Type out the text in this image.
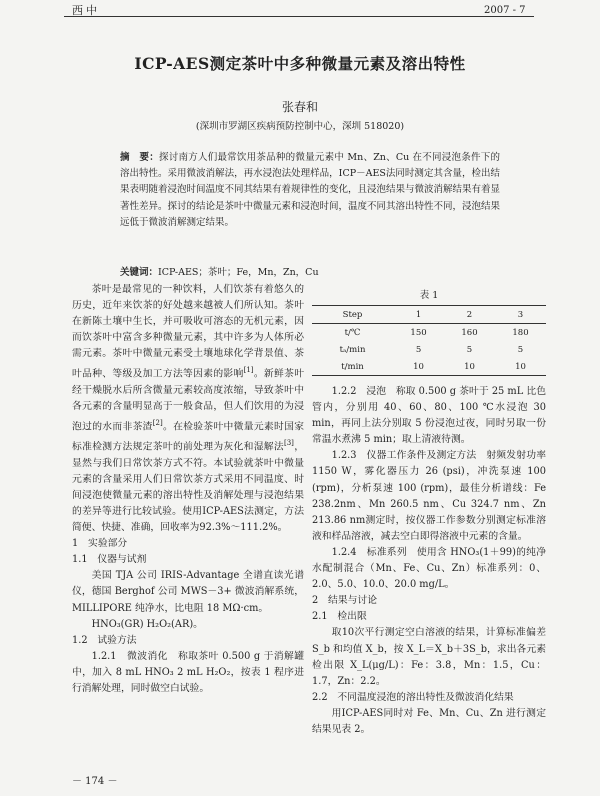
西中	2007 - 7
ICP-AES测定茶叶中多种微量元素及溶出特性
张春和
(深圳市罗湖区疾病预防控制中心，深圳 518020)
摘　要：探讨南方人们最常饮用茶品种的微量元素中 Mn、Zn、Cu 在不同浸泡条件下的溶出特性。采用微波消解法，再水浸泡法处理样品，ICP－AES法同时测定其含量，检出结果表明随着浸泡时间温度不同其结果有着规律性的变化，且浸泡结果与微波消解结果有着显著性差异。探讨的结论是茶叶中微量元素和浸泡时间，温度不同其溶出特性不同，浸泡结果远低于微波消解测定结果。
关键词：ICP-AES；茶叶；Fe，Mn，Zn，Cu

茶叶是最常见的一种饮料，人们饮茶有着悠久的历史，近年来饮茶的好处越来越被人们所认知。茶叶在新陈土壤中生长，并可吸收可溶态的无机元素，因而饮茶叶中富含多种微量元素，其中许多为人体所必需元素。茶叶中微量元素受土壤地球化学背景值、茶叶品种、等级及加工方法等因素的影响[1]。新鲜茶叶经干燥脱水后所含微量元素较高度浓缩，导致茶叶中各元素的含量明显高于一般食品，但人们饮用的为浸泡过的水而非茶渣[2]。在检验茶叶中微量元素时国家标准检测方法规定茶叶的前处理为灰化和湿解法[3]，显然与我们日常饮茶方式不符。本试验就茶叶中微量元素的含量采用人们日常饮茶方式采用不同温度、时间浸泡使微量元素的溶出特性及消解处理与浸泡结果的差异等进行比较试验。使用ICP-AES法测定，方法简便、快捷、准确，回收率为92.3%～111.2%。

1　实验部分

1.1　仪器与试剂

美国 TJA 公司 IRIS-Advantage 全谱直读光谱仪，德国 Berghof 公司 MWS－3+ 微波消解系统，MILLIPORE 纯净水，比电阻 18 MΩ·cm。

HNO₃(GR) H₂O₂(AR)。

1.2　试验方法

1.2.1　微波消化　称取茶叶 0.500 g 于消解罐中，加入 8 mL HNO₃ 2 mL H₂O₂，按表 1 程序进行消解处理，同时做空白试验。

表 1
Step	1	2	3
t/℃	150	160	180
tₐ/min	5	5	5
t/min	10	10	10

1.2.2　浸泡　称取 0.500 g 茶叶于 25 mL 比色管内，分别用 40、60、80、100 ℃水浸泡 30 min，再同上法分别取 5 份浸泡过夜，同时另取一份常温水煮沸 5 min；取上清液待测。

1.2.3　仪器工作条件及测定方法　射频发射功率 1150 W，雾化器压力 26 (psi)，冲洗泵速 100 (rpm)，分析泵速 100 (rpm)，最佳分析谱线：Fe 238.2nm、Mn 260.5 nm、Cu 324.7 nm、Zn 213.86 nm测定时，按仪器工作参数分别测定标准溶液和样品溶液，减去空白即得溶液中元素的含量。

1.2.4　标准系列　使用含 HNO₃(1＋99)的纯净水配制混合（Mn、Fe、Cu、Zn）标准系列：0、2.0、5.0、10.0、20.0 mg/L。

2　结果与讨论

2.1　检出限

取10次平行测定空白溶液的结果，计算标准偏差 S_b 和均值 X_b，按 X_L＝X_b＋3S_b，求出各元素检出限 X_L(μg/L)：Fe：3.8，Mn：1.5，Cu：1.7，Zn：2.2。

2.2　不同温度浸泡的溶出特性及微波消化结果

用ICP-AES同时对 Fe、Mn、Cu、Zn 进行测定结果见表 2。

－ 174 －
